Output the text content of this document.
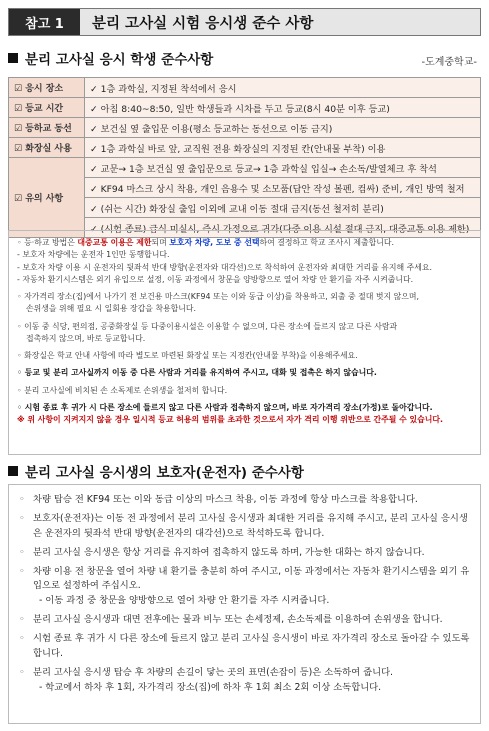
참고 1	분리 고사실 시험 응시생 준수 사항
분리 고사실 응시 학생 준수사항	-도계중학교-
☑ 응시 장소	✓ 1층 과학실, 지정된 착석에서 응시
☑ 등교 시간	✓ 아침 8:40~8:50, 일반 학생들과 시차를 두고 등교(8시 40분 이후 등교)
☑ 등하교 동선	✓ 보건실 옆 출입문 이용(평소 등교하는 동선으로 이동 금지)
☑ 화장실 사용	✓ 1층 과학실 바로 앞, 교직원 전용 화장실의 지정된 칸(안내물 부착) 이용
☑ 유의 사항	✓ 교문→ 1층 보건실 옆 출입문으로 등교→ 1층 과학실 입실→ 손소독/발열체크 후 착석
	✓ KF94 마스크 상시 착용, 개인 음용수 및 소모품(답안 작성 볼펜, 컴싸) 준비, 개인 방역 철저
	✓ (쉬는 시간) 화장실 출입 이외에 교내 이동 절대 금지(동선 철저히 분리)
	✓ (시험 종료) 급식 미실시, 즉시 가정으로 귀가(다중 이용 시설 절대 금지, 대중교통 이용 제한)

◦ 등·하교 방법은 대중교통 이용은 제한되며 보호자 차량, 도보 중 선택하여 결정하고 학교 조사시 제출합니다.

- 보호자 차량에는 운전자 1인만 동행합니다.

- 보호자 차량 이용 시 운전자의 뒷좌석 반대 방향(운전자와 대각선)으로 착석하여 운전자와 최대한 거리를 유지해 주세요.

- 자동차 환기시스템은 외기 유입으로 설정, 이동 과정에서 창문을 양방향으로 열어 차량 안 환기를 자주 시켜줍니다.

◦ 자가격리 장소(집)에서 나가기 전 보건용 마스크(KF94 또는 이와 동급 이상)를 착용하고, 외출 중 절대 벗지 않으며,

손위생을 위해 필요 시 일회용 장갑을 착용합니다.

◦ 이동 중 식당, 편의점, 공중화장실 등 다중이용시설은 이용할 수 없으며, 다른 장소에 들르지 않고 다른 사람과

접촉하지 않으며, 바로 등교합니다.

◦ 화장실은 학교 안내 사항에 따라 별도로 마련된 화장실 또는 지정칸(안내물 부착)을 이용해주세요.

◦ 등교 및 분리 고사실까지 이동 중 다른 사람과 거리를 유지하여 주시고, 대화 및 접촉은 하지 않습니다.

◦ 분리 고사실에 비치된 손 소독제로 손위생을 철저히 합니다.

◦ 시험 종료 후 귀가 시 다른 장소에 들르지 않고 다른 사람과 접촉하지 않으며, 바로 자가격리 장소(가정)로 돌아갑니다.

※ 위 사항이 지켜지지 않을 경우 일시적 등교 허용의 범위를 초과한 것으로서 자가 격리 이행 위반으로 간주될 수 있습니다.

분리 고사실 응시생의 보호자(운전자) 준수사항
◦ 차량 탑승 전 KF94 또는 이와 동급 이상의 마스크 착용, 이동 과정에 항상 마스크를 착용합니다.
◦ 보호자(운전자)는 이동 전 과정에서 분리 고사실 응시생과 최대한 거리를 유지해 주시고, 분리 고사실 응시생은 운전자의 뒷좌석 반대 방향(운전자의 대각선)으로 착석하도록 합니다.
◦ 분리 고사실 응시생은 항상 거리를 유지하여 접촉하지 않도록 하며, 가능한 대화는 하지 않습니다.
◦ 차량 이용 전 창문을 열어 차량 내 환기를 충분히 하여 주시고, 이동 과정에서는 자동차 환기시스템을 외기 유입으로 설정하여 주십시오.
- 이동 과정 중 창문을 양방향으로 열어 차량 안 환기를 자주 시켜줍니다.
◦ 분리 고사실 응시생과 대면 전후에는 물과 비누 또는 손세정제, 손소독제를 이용하여 손위생을 합니다.
◦ 시험 종료 후 귀가 시 다른 장소에 들르지 않고 분리 고사실 응시생이 바로 자가격리 장소로 돌아갈 수 있도록 합니다.
◦ 분리 고사실 응시생 탑승 후 차량의 손길이 닿는 곳의 표면(손잡이 등)은 소독하여 줍니다.
- 학교에서 하차 후 1회, 자가격리 장소(집)에 하차 후 1회 최소 2회 이상 소독합니다.
